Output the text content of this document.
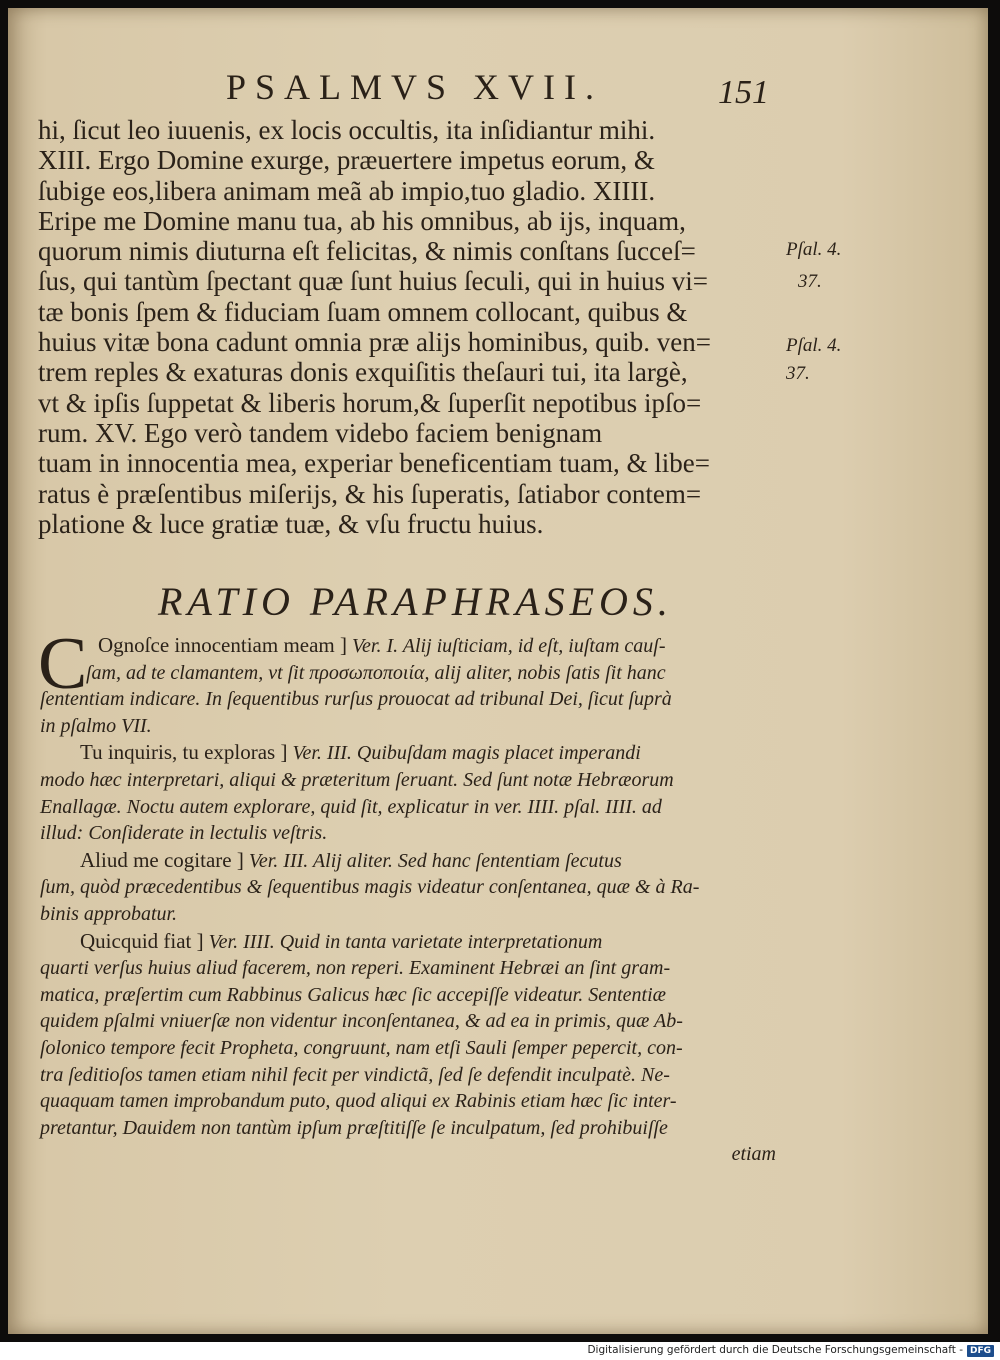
PSALMVS XVII.	151
hi, ſicut leo iuuenis, ex locis occultis, ita inſidiantur mihi.
XIII. Ergo Domine exurge, præuertere impetus eorum, &
ſubige eos,libera animam meã ab impio,tuo gladio. XIIII.
Eripe me Domine manu tua, ab his omnibus, ab ijs, inquam,
quorum nimis diuturna eſt felicitas, & nimis conſtans ſucceſ=
ſus, qui tantùm ſpectant quæ ſunt huius ſeculi, qui in huius vi=
tæ bonis ſpem & fiduciam ſuam omnem collocant, quibus &
huius vitæ bona cadunt omnia præ alijs hominibus, quib. ven=
trem reples & exaturas donis exquiſitis theſauri tui, ita largè,
vt & ipſis ſuppetat & liberis horum,& ſuperſit nepotibus ipſo=
rum. XV. Ego verò tandem videbo faciem benignam
tuam in innocentia mea, experiar beneficentiam tuam, & libe=
ratus è præſentibus miſerijs, & his ſuperatis, ſatiabor contem=
platione & luce gratiæ tuæ, & vſu fructu huius.
Pſal. 4.
37.
Pſal. 4.
37.
RATIO PARAPHRASEOS.
C Ognoſce innocentiam meam ] Ver. I. Alij iuſticiam, id eſt, iuſtam cauſ-
ſam, ad te clamantem, vt ſit προσωποποιία, alij aliter, nobis ſatis ſit hanc
ſententiam indicare. In ſequentibus rurſus prouocat ad tribunal Dei, ſicut ſuprà
in pſalmo VII.
Tu inquiris, tu exploras ] Ver. III. Quibuſdam magis placet imperandi
modo hæc interpretari, aliqui & præteritum ſeruant. Sed ſunt notæ Hebræorum
Enallagæ. Noctu autem explorare, quid ſit, explicatur in ver. IIII. pſal. IIII. ad
illud: Conſiderate in lectulis veſtris.
Aliud me cogitare ] Ver. III. Alij aliter. Sed hanc ſententiam ſecutus
ſum, quòd præcedentibus & ſequentibus magis videatur conſentanea, quæ & à Ra-
binis approbatur.
Quicquid fiat ] Ver. IIII. Quid in tanta varietate interpretationum
quarti verſus huius aliud facerem, non reperi. Examinent Hebræi an ſint gram-
matica, præſertim cum Rabbinus Galicus hæc ſic accepiſſe videatur. Sententiæ
quidem pſalmi vniuerſæ non videntur inconſentanea, & ad ea in primis, quæ Ab-
ſolonico tempore fecit Propheta, congruunt, nam etſi Sauli ſemper pepercit, con-
tra ſeditioſos tamen etiam nihil fecit per vindictã, ſed ſe defendit inculpatè. Ne-
quaquam tamen improbandum puto, quod aliqui ex Rabinis etiam hæc ſic inter-
pretantur, Dauidem non tantùm ipſum præſtitiſſe ſe inculpatum, ſed prohibuiſſe
etiam
Digitalisierung gefördert durch die Deutsche Forschungsgemeinschaft - DFG
